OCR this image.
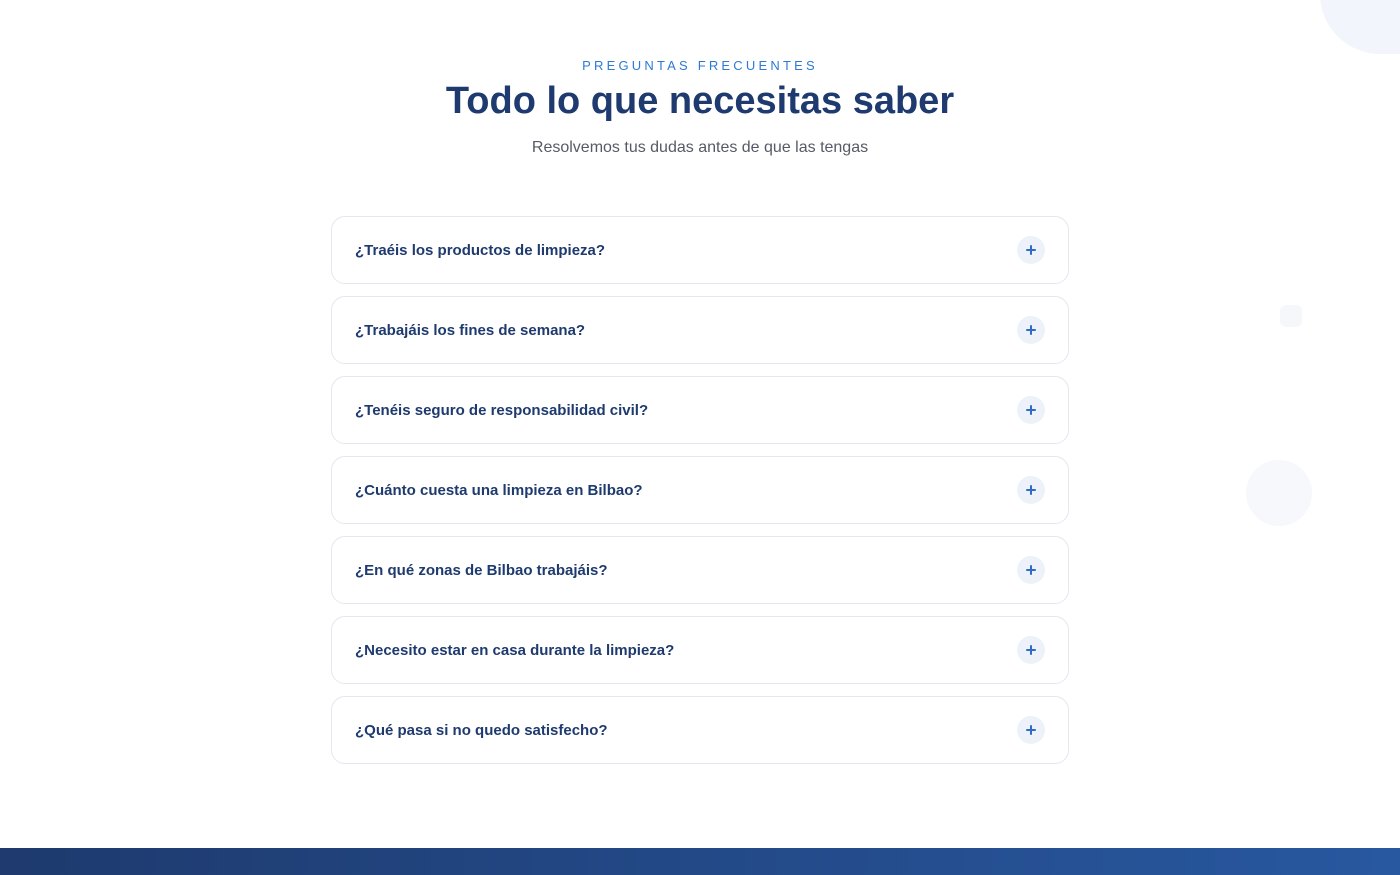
PREGUNTAS FRECUENTES
Todo lo que necesitas saber

Resolvemos tus dudas antes de que las tengas

¿Traéis los productos de limpieza?
¿Trabajáis los fines de semana?
¿Tenéis seguro de responsabilidad civil?
¿Cuánto cuesta una limpieza en Bilbao?
¿En qué zonas de Bilbao trabajáis?
¿Necesito estar en casa durante la limpieza?
¿Qué pasa si no quedo satisfecho?
